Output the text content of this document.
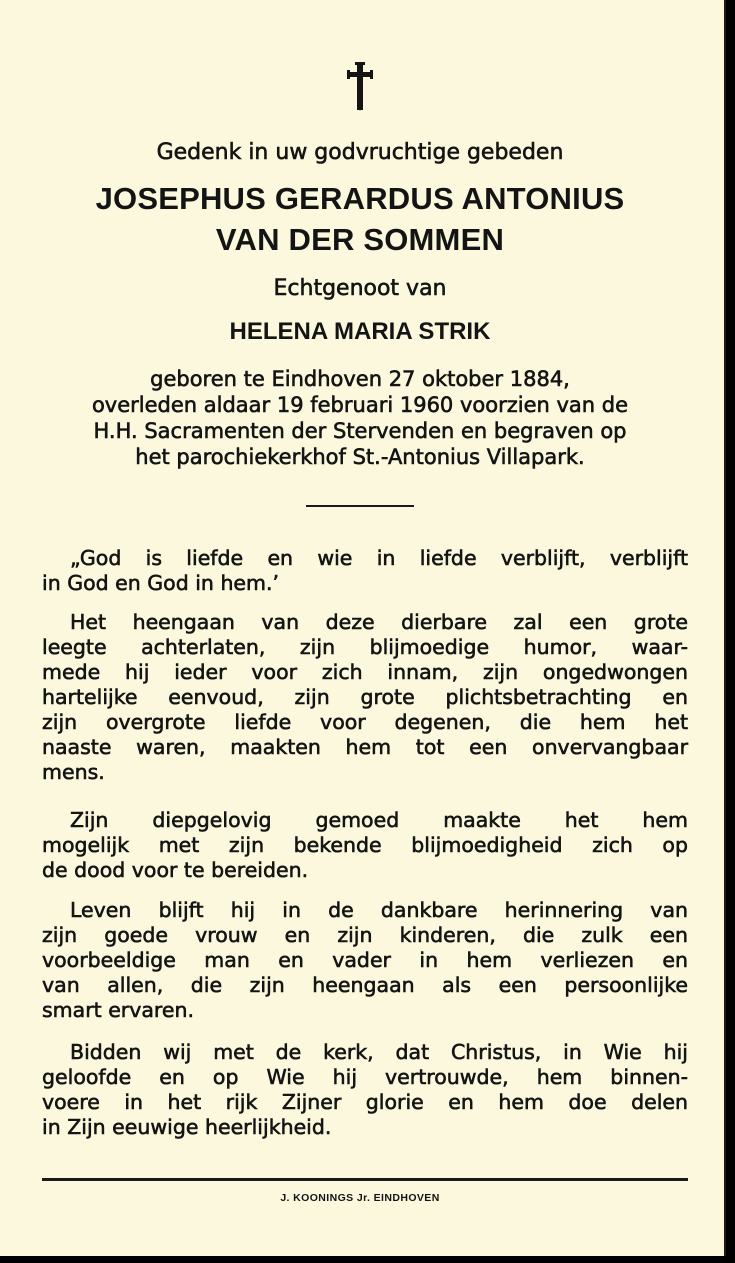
Gedenk in uw godvruchtige gebeden
JOSEPHUS GERARDUS ANTONIUS
VAN DER SOMMEN
Echtgenoot van
HELENA MARIA STRIK
geboren te Eindhoven 27 oktober 1884,
overleden aldaar 19 februari 1960 voorzien van de
H.H. Sacramenten der Stervenden en begraven op
het parochiekerkhof St.-Antonius Villapark.
„God is liefde en wie in liefde verblijft, verblijft
in God en God in hem.’
Het heengaan van deze dierbare zal een grote
leegte achterlaten, zijn blijmoedige humor, waar-
mede hij ieder voor zich innam, zijn ongedwongen
hartelijke eenvoud, zijn grote plichtsbetrachting en
zijn overgrote liefde voor degenen, die hem het
naaste waren, maakten hem tot een onvervangbaar
mens.
Zijn diepgelovig gemoed maakte het hem
mogelijk met zijn bekende blijmoedigheid zich op
de dood voor te bereiden.
Leven blijft hij in de dankbare herinnering van
zijn goede vrouw en zijn kinderen, die zulk een
voorbeeldige man en vader in hem verliezen en
van allen, die zijn heengaan als een persoonlijke
smart ervaren.
Bidden wij met de kerk, dat Christus, in Wie hij
geloofde en op Wie hij vertrouwde, hem binnen-
voere in het rijk Zijner glorie en hem doe delen
in Zijn eeuwige heerlijkheid.
J. KOONINGS Jr. EINDHOVEN
